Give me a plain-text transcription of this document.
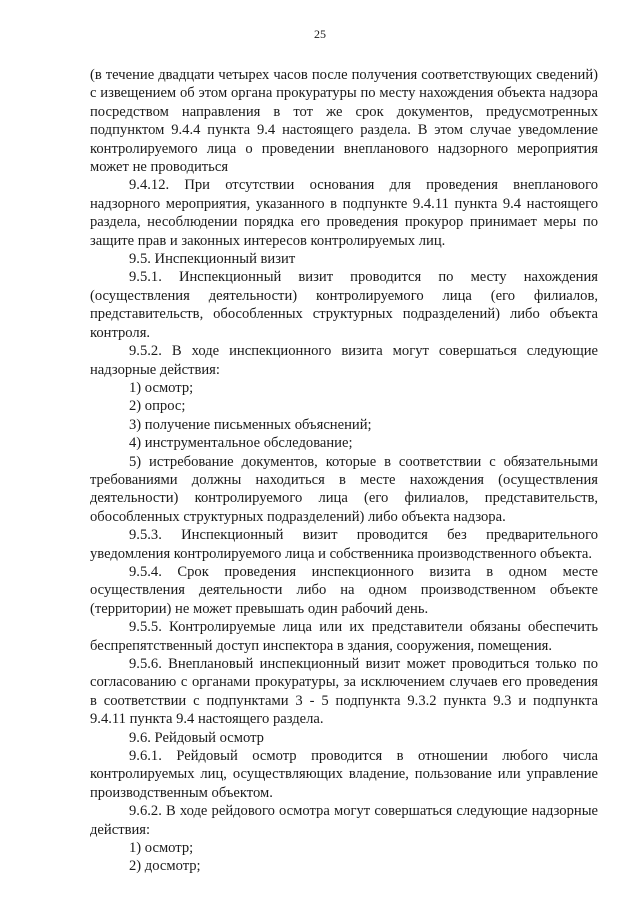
25

(в течение двадцати четырех часов после получения соответствующих сведений) с извещением об этом органа прокуратуры по месту нахождения объекта надзора посредством направления в тот же срок документов, предусмотренных подпунктом 9.4.4 пункта 9.4 настоящего раздела. В этом случае уведомление контролируемого лица о проведении внепланового надзорного мероприятия может не проводиться

9.4.12. При отсутствии основания для проведения внепланового надзорного мероприятия, указанного в подпункте 9.4.11 пункта 9.4 настоящего раздела, несоблюдении порядка его проведения прокурор принимает меры по защите прав и законных интересов контролируемых лиц.

9.5. Инспекционный визит

9.5.1. Инспекционный визит проводится по месту нахождения (осуществления деятельности) контролируемого лица (его филиалов, представительств, обособленных структурных подразделений) либо объекта контроля.

9.5.2. В ходе инспекционного визита могут совершаться следующие надзорные действия:

1) осмотр;

2) опрос;

3) получение письменных объяснений;

4) инструментальное обследование;

5) истребование документов, которые в соответствии с обязательными требованиями должны находиться в месте нахождения (осуществления деятельности) контролируемого лица (его филиалов, представительств, обособленных структурных подразделений) либо объекта надзора.

9.5.3. Инспекционный визит проводится без предварительного уведомления контролируемого лица и собственника производственного объекта.

9.5.4. Срок проведения инспекционного визита в одном месте осуществления деятельности либо на одном производственном объекте (территории) не может превышать один рабочий день.

9.5.5. Контролируемые лица или их представители обязаны обеспечить беспрепятственный доступ инспектора в здания, сооружения, помещения.

9.5.6. Внеплановый инспекционный визит может проводиться только по согласованию с органами прокуратуры, за исключением случаев его проведения в соответствии с подпунктами 3 - 5 подпункта 9.3.2 пункта 9.3 и подпункта 9.4.11 пункта 9.4 настоящего раздела.

9.6. Рейдовый осмотр

9.6.1. Рейдовый осмотр проводится в отношении любого числа контролируемых лиц, осуществляющих владение, пользование или управление производственным объектом.

9.6.2. В ходе рейдового осмотра могут совершаться следующие надзорные действия:

1) осмотр;

2) досмотр;
